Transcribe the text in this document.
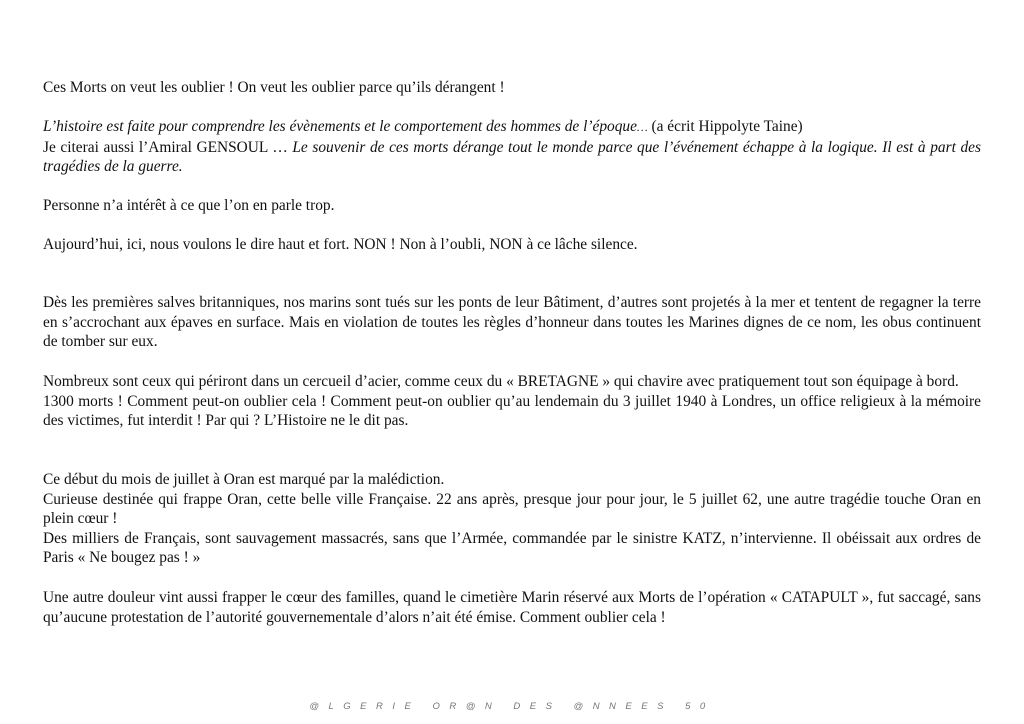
Ces Morts on veut les oublier ! On veut les oublier parce qu’ils dérangent !

L’histoire est faite pour comprendre les évènements et le comportement des hommes de l’époque… (a écrit Hippolyte Taine)
Je citerai aussi l’Amiral GENSOUL … Le souvenir de ces morts dérange tout le monde parce que l’événement échappe à la logique. Il est à part des tragédies de la guerre.

Personne n’a intérêt à ce que l’on en parle trop.

Aujourd’hui, ici, nous voulons le dire haut et fort. NON ! Non à l’oubli, NON à ce lâche silence.

Dès les premières salves britanniques, nos marins sont tués sur les ponts de leur Bâtiment, d’autres sont projetés à la mer et tentent de regagner la terre en s’accrochant aux épaves en surface. Mais en violation de toutes les règles d’honneur dans toutes les Marines dignes de ce nom, les obus continuent de tomber sur eux.

Nombreux sont ceux qui périront dans un cercueil d’acier, comme ceux du « BRETAGNE » qui chavire avec pratiquement tout son équipage à bord.
1300 morts ! Comment peut-on oublier cela ! Comment peut-on oublier qu’au lendemain du 3 juillet 1940 à Londres, un office religieux à la mémoire des victimes, fut interdit ! Par qui ? L’Histoire ne le dit pas.

Ce début du mois de juillet à Oran est marqué par la malédiction.
Curieuse destinée qui frappe Oran, cette belle ville Française. 22 ans après, presque jour pour jour, le 5 juillet 62, une autre tragédie touche Oran en plein cœur !
Des milliers de Français, sont sauvagement massacrés, sans que l’Armée, commandée par le sinistre KATZ, n’intervienne. Il obéissait aux ordres de Paris « Ne bougez pas ! »

Une autre douleur vint aussi frapper le cœur des familles, quand le cimetière Marin réservé aux Morts de l’opération « CATAPULT », fut saccagé, sans qu’aucune protestation de l’autorité gouvernementale d’alors n’ait été émise. Comment oublier cela !

@LGERIE OR@N DES @NNEES 50
